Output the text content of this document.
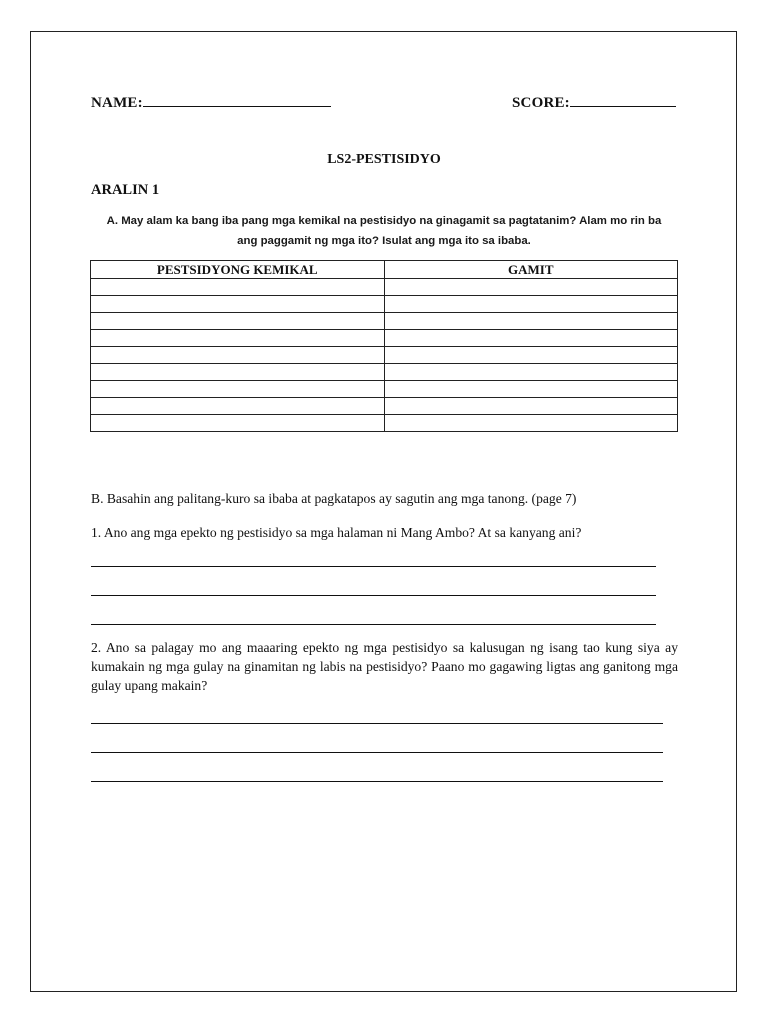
NAME:	SCORE:
LS2-PESTISIDYO
ARALIN 1
A. May alam ka bang iba pang mga kemikal na pestisidyo na ginagamit sa pagtatanim? Alam mo rin ba
ang paggamit ng mga ito? Isulat ang mga ito sa ibaba.
PESTSIDYONG KEMIKAL	GAMIT

B. Basahin ang palitang-kuro sa ibaba at pagkatapos ay sagutin ang mga tanong. (page 7)
1. Ano ang mga epekto ng pestisidyo sa mga halaman ni Mang Ambo? At sa kanyang ani?
2. Ano sa palagay mo ang maaaring epekto ng mga pestisidyo sa kalusugan ng isang tao kung siya ay kumakain ng mga gulay na ginamitan ng labis na pestisidyo? Paano mo gagawing ligtas ang ganitong mga gulay upang makain?
